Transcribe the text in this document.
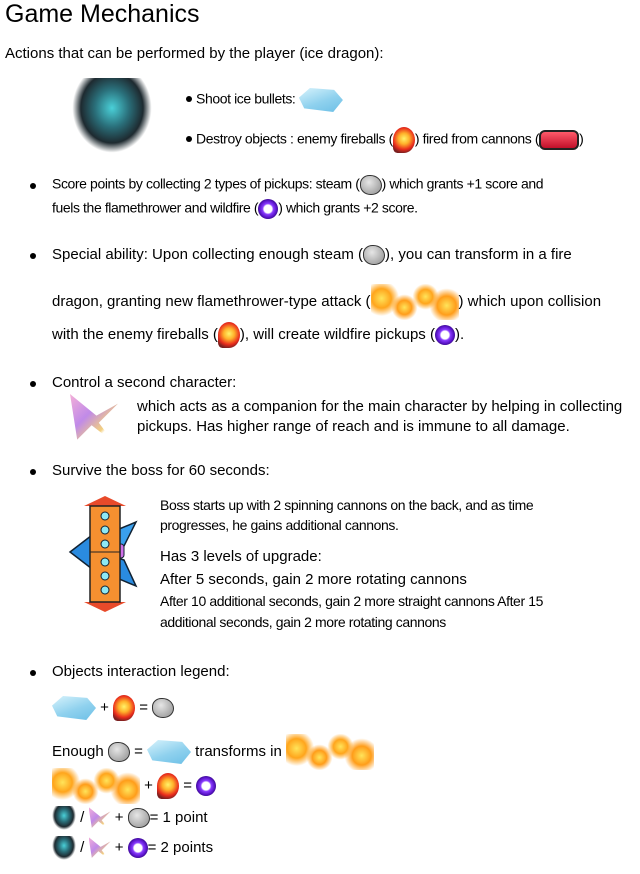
Game Mechanics
Actions that can be performed by the player (ice dragon):
Shoot ice bullets:
Destroy objects : enemy fireballs ( ) fired from cannons (	)
Score points by collecting 2 types of pickups: steam ( ) which grants +1 score and
fuels the flamethrower and wildfire ( ) which grants +2 score.
Special ability: Upon collecting enough steam ( ), you can transform in a fire
dragon, granting new flamethrower-type attack (	) which upon collision
with the enemy fireballs ( ), will create wildfire pickups ( ).
Control a second character:
which acts as a companion for the main character by helping in collecting
pickups. Has higher range of reach and is immune to all damage.
Survive the boss for 60 seconds:
Boss starts up with 2 spinning cannons on the back, and as time
progresses, he gains additional cannons.
Has 3 levels of upgrade:
After 5 seconds, gain 2 more rotating cannons
After 10 additional seconds, gain 2 more straight cannons After 15
additional seconds, gain 2 more rotating cannons
Objects interaction legend:
+ =
Enough =	transforms in
+ =
/ + = 1 point
/ + = 2 points
